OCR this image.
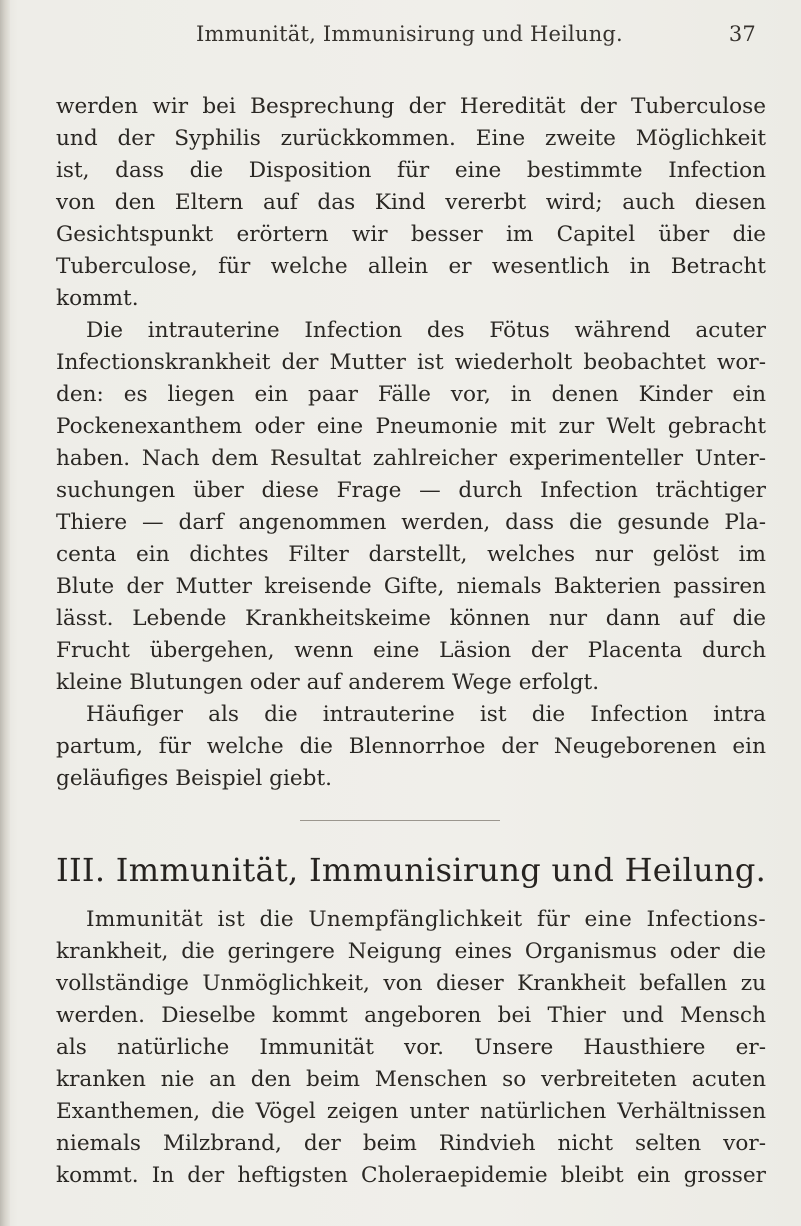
Immunität, Immunisirung und Heilung.	37
werden wir bei Besprechung der Heredität der Tuberculose
und der Syphilis zurückkommen. Eine zweite Möglichkeit
ist, dass die Disposition für eine bestimmte Infection
von den Eltern auf das Kind vererbt wird; auch diesen
Gesichtspunkt erörtern wir besser im Capitel über die
Tuberculose, für welche allein er wesentlich in Betracht
kommt.
Die intrauterine Infection des Fötus während acuter
Infectionskrankheit der Mutter ist wiederholt beobachtet wor-
den: es liegen ein paar Fälle vor, in denen Kinder ein
Pockenexanthem oder eine Pneumonie mit zur Welt gebracht
haben. Nach dem Resultat zahlreicher experimenteller Unter-
suchungen über diese Frage — durch Infection trächtiger
Thiere — darf angenommen werden, dass die gesunde Pla-
centa ein dichtes Filter darstellt, welches nur gelöst im
Blute der Mutter kreisende Gifte, niemals Bakterien passiren
lässt. Lebende Krankheitskeime können nur dann auf die
Frucht übergehen, wenn eine Läsion der Placenta durch
kleine Blutungen oder auf anderem Wege erfolgt.
Häufiger als die intrauterine ist die Infection intra
partum, für welche die Blennorrhoe der Neugeborenen ein
geläufiges Beispiel giebt.
III. Immunität, Immunisirung und Heilung.
Immunität ist die Unempfänglichkeit für eine Infections-
krankheit, die geringere Neigung eines Organismus oder die
vollständige Unmöglichkeit, von dieser Krankheit befallen zu
werden. Dieselbe kommt angeboren bei Thier und Mensch
als natürliche Immunität vor. Unsere Hausthiere er-
kranken nie an den beim Menschen so verbreiteten acuten
Exanthemen, die Vögel zeigen unter natürlichen Verhältnissen
niemals Milzbrand, der beim Rindvieh nicht selten vor-
kommt. In der heftigsten Choleraepidemie bleibt ein grosser
